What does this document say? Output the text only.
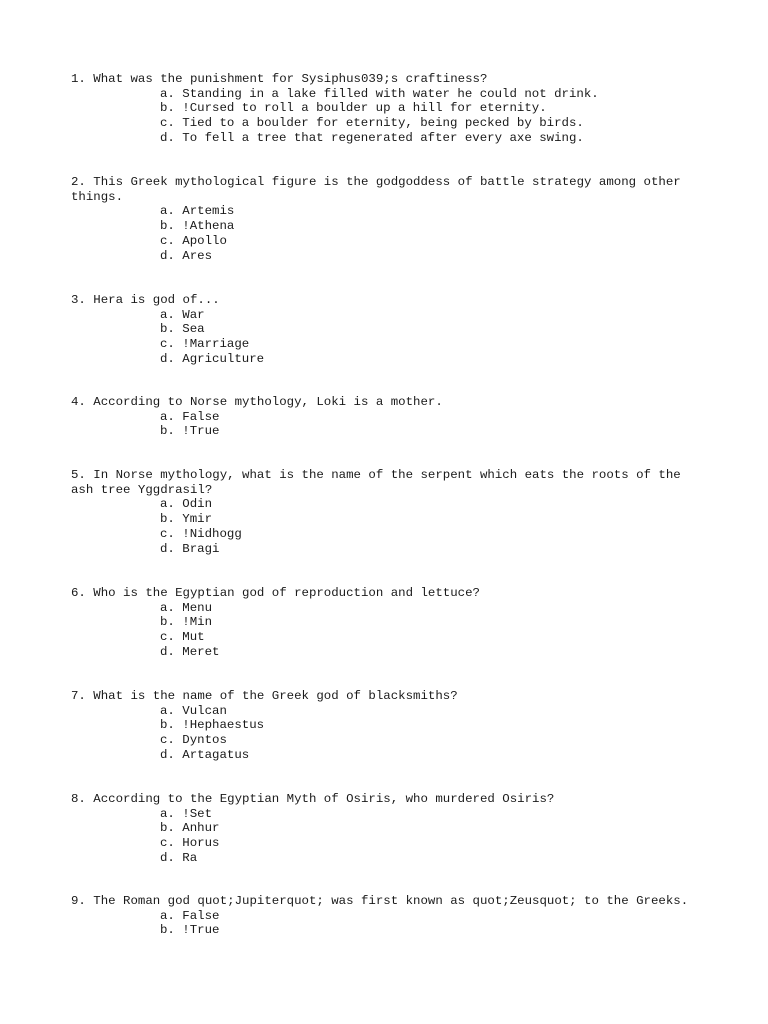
1. What was the punishment for Sysiphus039;s craftiness?

a. Standing in a lake filled with water he could not drink.
b. !Cursed to roll a boulder up a hill for eternity.
c. Tied to a boulder for eternity, being pecked by birds.
d. To fell a tree that regenerated after every axe swing.

2. This Greek mythological figure is the godgoddess of battle strategy among other things.

a. Artemis
b. !Athena
c. Apollo
d. Ares

3. Hera is god of...

a. War
b. Sea
c. !Marriage
d. Agriculture

4. According to Norse mythology, Loki is a mother.

a. False
b. !True

5. In Norse mythology, what is the name of the serpent which eats the roots of the ash tree Yggdrasil?

a. Odin
b. Ymir
c. !Nidhogg
d. Bragi

6. Who is the Egyptian god of reproduction and lettuce?

a. Menu
b. !Min
c. Mut
d. Meret

7. What is the name of the Greek god of blacksmiths?

a. Vulcan
b. !Hephaestus
c. Dyntos
d. Artagatus

8. According to the Egyptian Myth of Osiris, who murdered Osiris?

a. !Set
b. Anhur
c. Horus
d. Ra

9. The Roman god quot;Jupiterquot; was first known as quot;Zeusquot; to the Greeks.

a. False
b. !True
